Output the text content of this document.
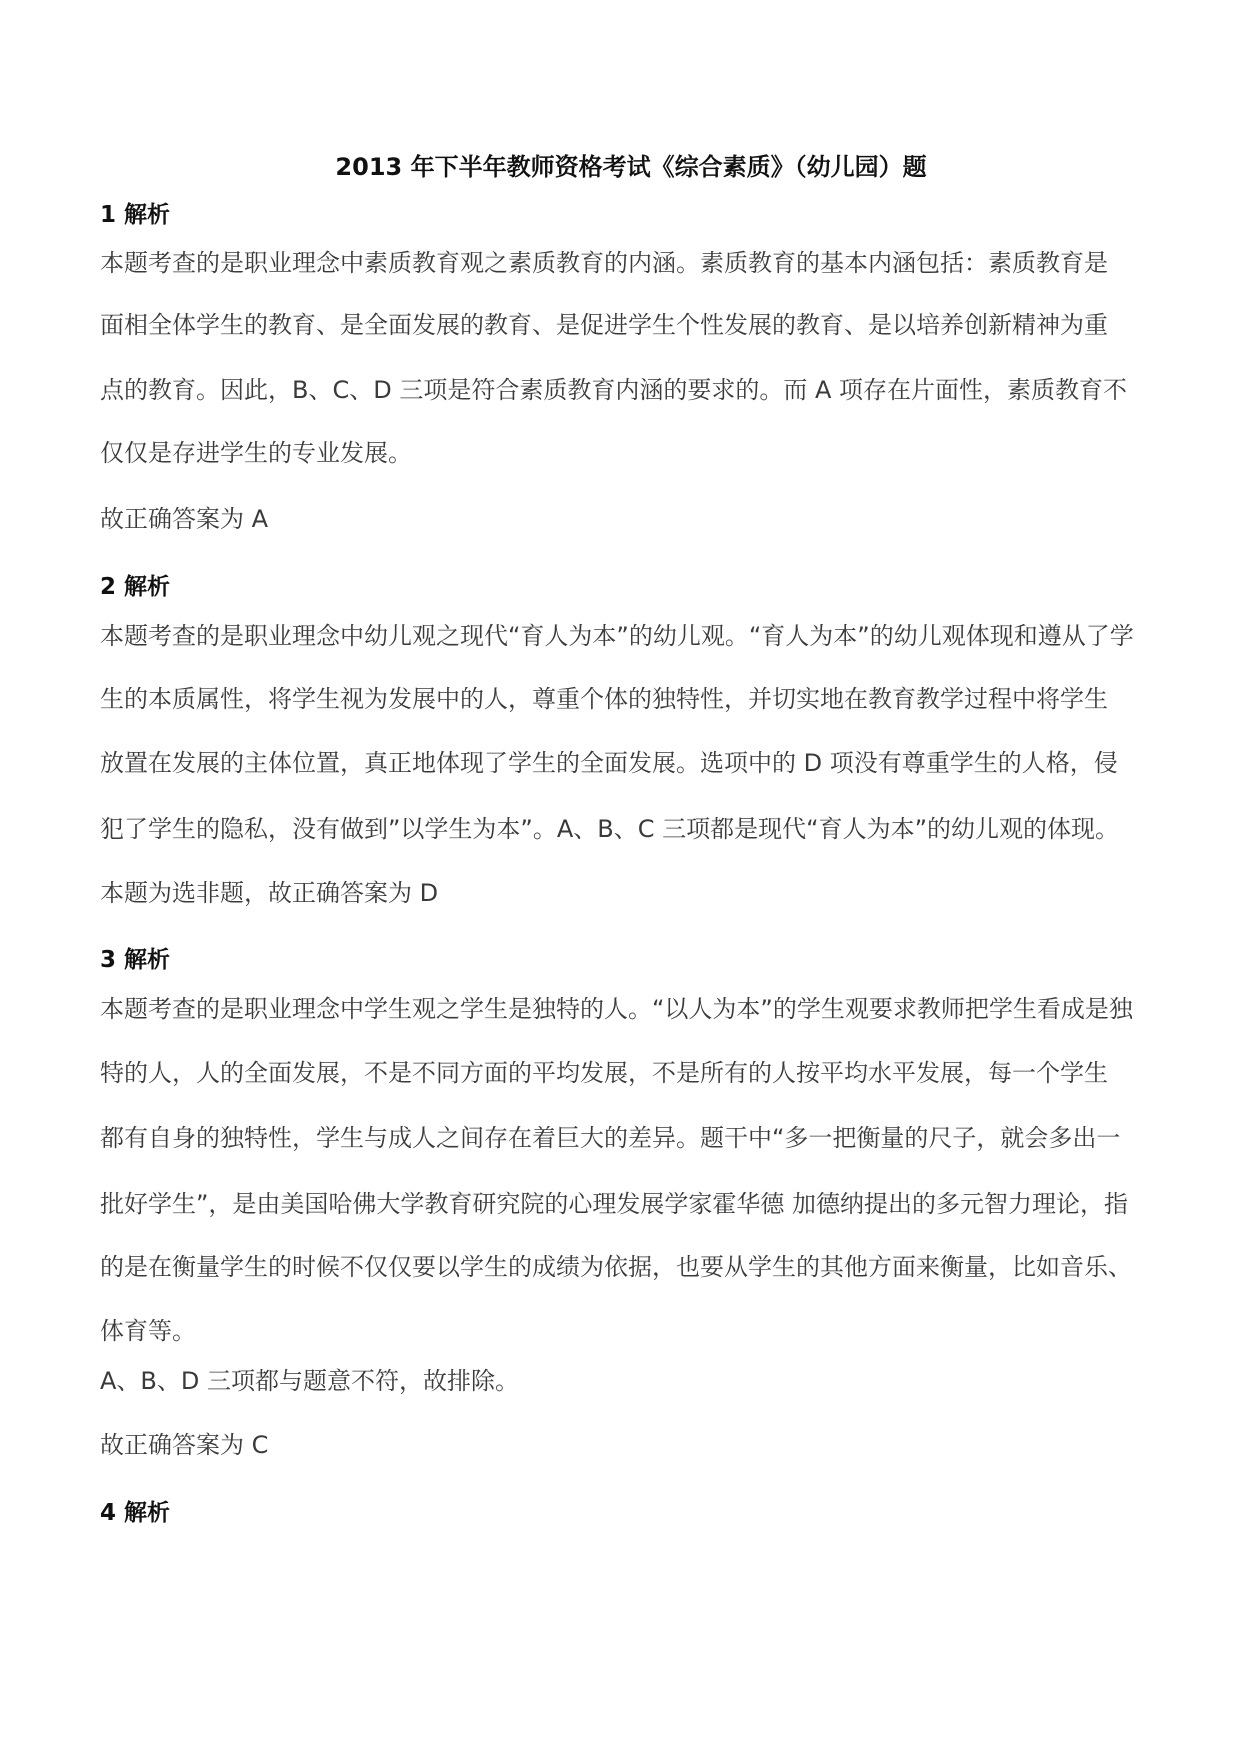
2013 年下半年教师资格考试《综合素质》（幼儿园）题
1 解析
本题考查的是职业理念中素质教育观之素质教育的内涵。素质教育的基本内涵包括：素质教育是
面相全体学生的教育、是全面发展的教育、是促进学生个性发展的教育、是以培养创新精神为重
点的教育。因此，B、C、D 三项是符合素质教育内涵的要求的。而 A 项存在片面性，素质教育不
仅仅是存进学生的专业发展。
故正确答案为 A
2 解析
本题考查的是职业理念中幼儿观之现代“育人为本”的幼儿观。“育人为本”的幼儿观体现和遵从了学
生的本质属性，将学生视为发展中的人，尊重个体的独特性，并切实地在教育教学过程中将学生
放置在发展的主体位置，真正地体现了学生的全面发展。选项中的 D 项没有尊重学生的人格，侵
犯了学生的隐私，没有做到”以学生为本”。A、B、C 三项都是现代“育人为本”的幼儿观的体现。
本题为选非题，故正确答案为 D
3 解析
本题考查的是职业理念中学生观之学生是独特的人。“以人为本”的学生观要求教师把学生看成是独
特的人，人的全面发展，不是不同方面的平均发展，不是所有的人按平均水平发展，每一个学生
都有自身的独特性，学生与成人之间存在着巨大的差异。题干中“多一把衡量的尺子，就会多出一
批好学生”，是由美国哈佛大学教育研究院的心理发展学家霍华德 加德纳提出的多元智力理论，指
的是在衡量学生的时候不仅仅要以学生的成绩为依据，也要从学生的其他方面来衡量，比如音乐、
体育等。
A、B、D 三项都与题意不符，故排除。
故正确答案为 C
4 解析
